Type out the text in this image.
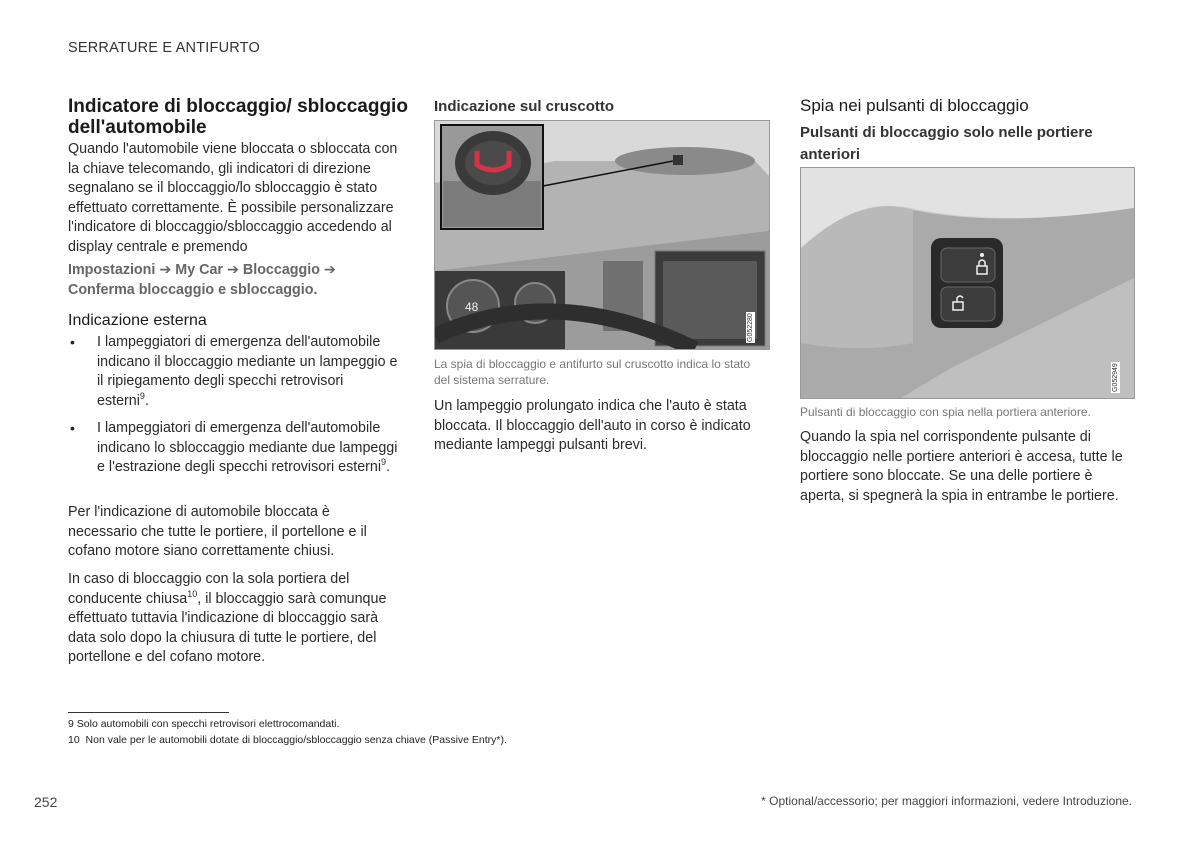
SERRATURE E ANTIFURTO
Indicatore di bloccaggio/ sbloccaggio dell'automobile

Quando l'automobile viene bloccata o sbloccata con la chiave telecomando, gli indicatori di direzione segnalano se il bloccaggio/lo sbloccaggio è stato effettuato correttamente. È possibile personalizzare l'indicatore di bloccaggio/sbloccaggio accedendo al display centrale e premendo

Impostazioni ➔ My Car ➔ Bloccaggio ➔ Conferma bloccaggio e sbloccaggio.

Indicazione esterna
• I lampeggiatori di emergenza dell'automobile indicano il bloccaggio mediante un lampeggio e il ripiegamento degli specchi retrovisori esterni$^9$.
• I lampeggiatori di emergenza dell'automobile indicano lo sbloccaggio mediante due lampeggi e l'estrazione degli specchi retrovisori esterni$^9$.

Per l'indicazione di automobile bloccata è necessario che tutte le portiere, il portellone e il cofano motore siano correttamente chiusi.

In caso di bloccaggio con la sola portiera del conducente chiusa$^{10}$, il bloccaggio sarà comunque effettuato tuttavia l'indicazione di bloccaggio sarà data solo dopo la chiusura di tutte le portiere, del portellone e del cofano motore.

Indicazione sul cruscotto
48
G052280

La spia di bloccaggio e antifurto sul cruscotto indica lo stato del sistema serrature.

Un lampeggio prolungato indica che l'auto è stata bloccata. Il bloccaggio dell'auto in corso è indicato mediante lampeggi pulsanti brevi.

Spia nei pulsanti di bloccaggio
Pulsanti di bloccaggio solo nelle portiere anteriori
G052949

Pulsanti di bloccaggio con spia nella portiera anteriore.

Quando la spia nel corrispondente pulsante di bloccaggio nelle portiere anteriori è accesa, tutte le portiere sono bloccate. Se una delle portiere è aperta, si spegnerà la spia in entrambe le portiere.

9 Solo automobili con specchi retrovisori elettrocomandati.
10 Non vale per le automobili dotate di bloccaggio/sbloccaggio senza chiave (Passive Entry*).
252	* Optional/accessorio; per maggiori informazioni, vedere Introduzione.
